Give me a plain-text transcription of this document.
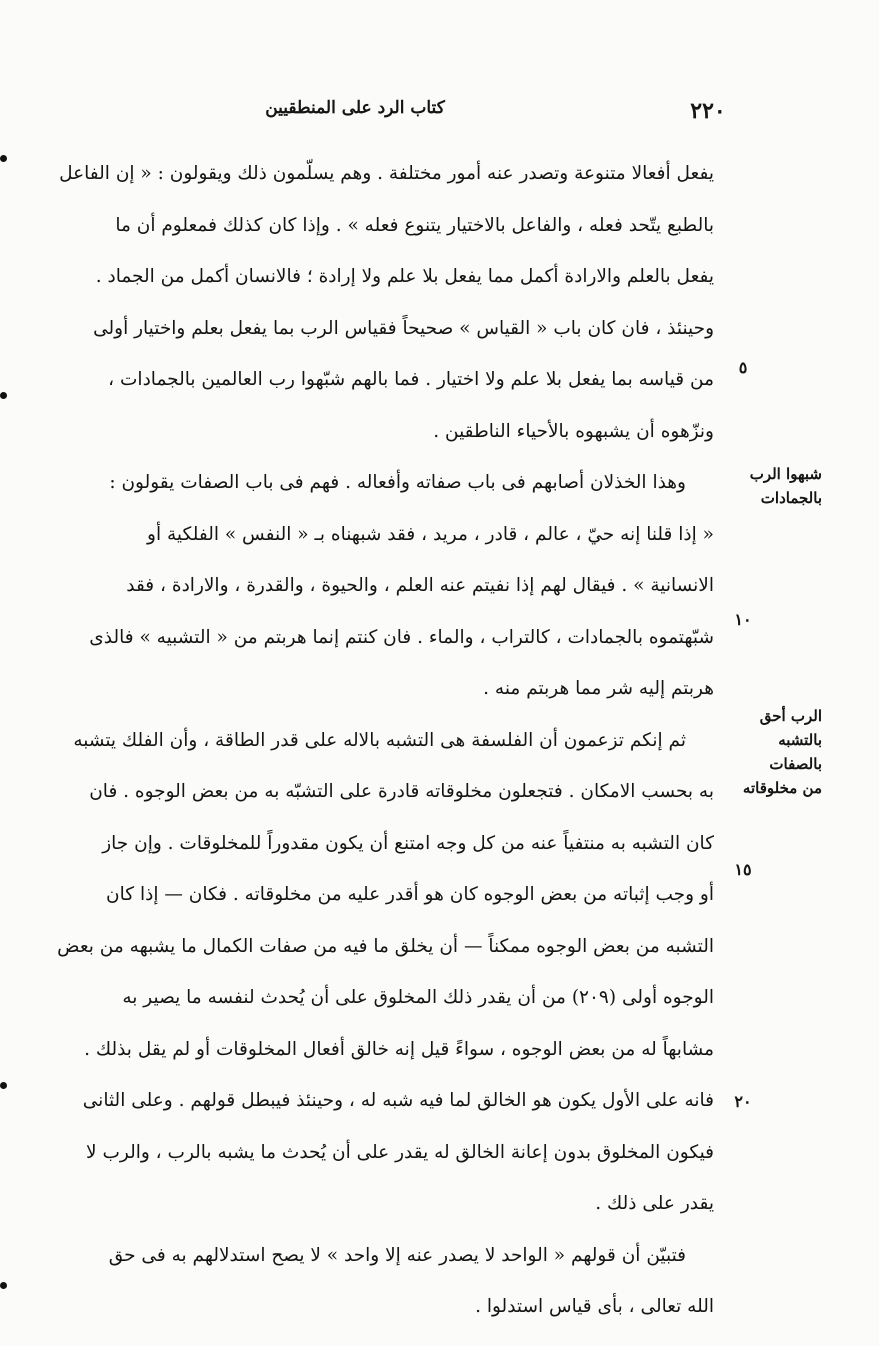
٢٢٠
كتاب الرد على المنطقيين
يفعل أفعالا متنوعة وتصدر عنه أمور مختلفة . وهم يسلّمون ذلك ويقولون : « إن الفاعل
بالطبع يتّحد فعله ، والفاعل بالاختيار يتنوع فعله » . وإذا كان كذلك فمعلوم أن ما
يفعل بالعلم والارادة أكمل مما يفعل بلا علم ولا إرادة ؛ فالانسان أكمل من الجماد .
وحينئذ ، فان كان باب « القياس » صحيحاً فقياس الرب بما يفعل بعلم واختيار أولى
من قياسه بما يفعل بلا علم ولا اختيار . فما بالهم شبّهوا رب العالمين بالجمادات ،
ونزّهوه أن يشبهوه بالأحياء الناطقين .
وهذا الخذلان أصابهم فى باب صفاته وأفعاله . فهم فى باب الصفات يقولون :
« إذا قلنا إنه حيّ ، عالم ، قادر ، مريد ، فقد شبهناه بـ « النفس » الفلكية أو
الانسانية » . فيقال لهم إذا نفيتم عنه العلم ، والحيوة ، والقدرة ، والارادة ، فقد
شبّهتموه بالجمادات ، كالتراب ، والماء . فان كنتم إنما هربتم من « التشبيه » فالذى
هربتم إليه شر مما هربتم منه .
ثم إنكم تزعمون أن الفلسفة هى التشبه بالاله على قدر الطاقة ، وأن الفلك يتشبه
به بحسب الامكان . فتجعلون مخلوقاته قادرة على التشبّه به من بعض الوجوه . فان
كان التشبه به منتفياً عنه من كل وجه امتنع أن يكون مقدوراً للمخلوقات . وإن جاز
أو وجب إثباته من بعض الوجوه كان هو أقدر عليه من مخلوقاته . فكان — إذا كان
التشبه من بعض الوجوه ممكناً — أن يخلق ما فيه من صفات الكمال ما يشبهه من بعض
الوجوه أولى (٢٠٩) من أن يقدر ذلك المخلوق على أن يُحدث لنفسه ما يصير به
مشابهاً له من بعض الوجوه ، سواءً قيل إنه خالق أفعال المخلوقات أو لم يقل بذلك .
فانه على الأول يكون هو الخالق لما فيه شبه له ، وحينئذ فيبطل قولهم . وعلى الثانى
فيكون المخلوق بدون إعانة الخالق له يقدر على أن يُحدث ما يشبه بالرب ، والرب لا
يقدر على ذلك .
فتبيّن أن قولهم « الواحد لا يصدر عنه إلا واحد » لا يصح استدلالهم به فى حق
الله تعالى ، بأى قياس استدلوا .
شبهوا الرب
بالجمادات
الرب أحق
بالتشبه
بالصفات
من مخلوقاته
٥
١٠
١٥
٢٠
